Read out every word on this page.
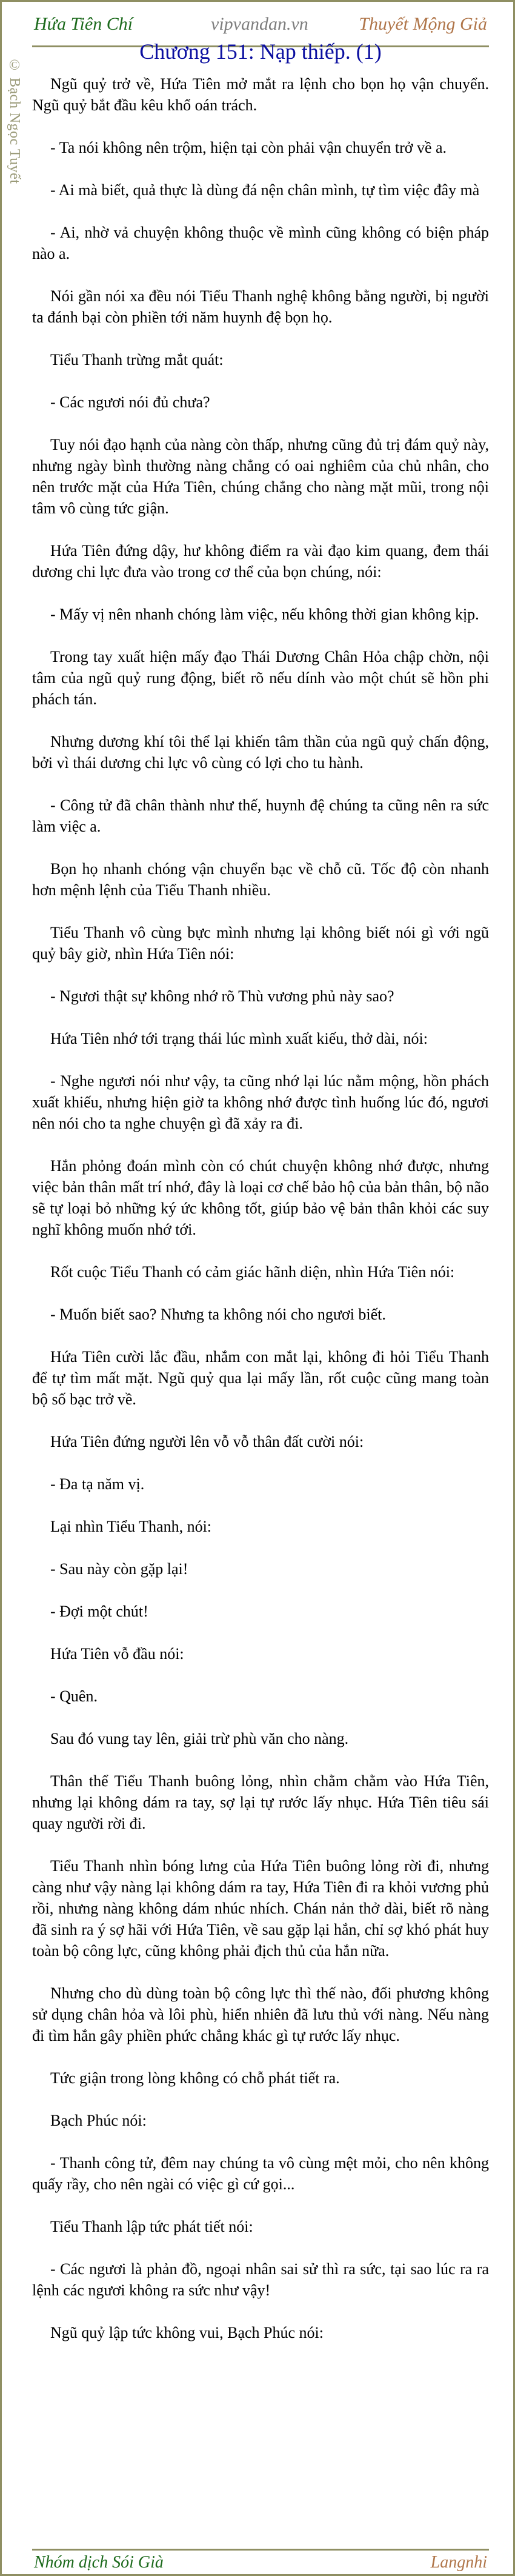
Hứa Tiên Chí	vipvandan.vn	Thuyết Mộng Giả
© Bạch Ngọc Tuyết
Chương 151: Nạp thiếp. (1)

Ngũ quỷ trở về, Hứa Tiên mở mắt ra lệnh cho bọn họ vận chuyển. Ngũ quỷ bắt đầu kêu khổ oán trách.

- Ta nói không nên trộm, hiện tại còn phải vận chuyển trở về a.

- Ai mà biết, quả thực là dùng đá nện chân mình, tự tìm việc đây mà

- Ai, nhờ vả chuyện không thuộc về mình cũng không có biện pháp nào a.

Nói gần nói xa đều nói Tiểu Thanh nghệ không bằng người, bị người ta đánh bại còn phiền tới năm huynh đệ bọn họ.

Tiểu Thanh trừng mắt quát:

- Các ngươi nói đủ chưa?

Tuy nói đạo hạnh của nàng còn thấp, nhưng cũng đủ trị đám quỷ này, nhưng ngày bình thường nàng chẳng có oai nghiêm của chủ nhân, cho nên trước mặt của Hứa Tiên, chúng chẳng cho nàng mặt mũi, trong nội tâm vô cùng tức giận.

Hứa Tiên đứng dậy, hư không điểm ra vài đạo kim quang, đem thái dương chi lực đưa vào trong cơ thể của bọn chúng, nói:

- Mấy vị nên nhanh chóng làm việc, nếu không thời gian không kịp.

Trong tay xuất hiện mấy đạo Thái Dương Chân Hỏa chập chờn, nội tâm của ngũ quỷ rung động, biết rõ nếu dính vào một chút sẽ hồn phi phách tán.

Nhưng dương khí tôi thể lại khiến tâm thần của ngũ quỷ chấn động, bởi vì thái dương chi lực vô cùng có lợi cho tu hành.

- Công tử đã chân thành như thế, huynh đệ chúng ta cũng nên ra sức làm việc a.

Bọn họ nhanh chóng vận chuyển bạc về chỗ cũ. Tốc độ còn nhanh hơn mệnh lệnh của Tiểu Thanh nhiều.

Tiểu Thanh vô cùng bực mình nhưng lại không biết nói gì với ngũ quỷ bây giờ, nhìn Hứa Tiên nói:

- Ngươi thật sự không nhớ rõ Thù vương phủ này sao?

Hứa Tiên nhớ tới trạng thái lúc mình xuất kiếu, thở dài, nói:

- Nghe ngươi nói như vậy, ta cũng nhớ lại lúc nằm mộng, hồn phách xuất khiếu, nhưng hiện giờ ta không nhớ được tình huống lúc đó, ngươi nên nói cho ta nghe chuyện gì đã xảy ra đi.

Hắn phỏng đoán mình còn có chút chuyện không nhớ được, nhưng việc bản thân mất trí nhớ, đây là loại cơ chế bảo hộ của bản thân, bộ não sẽ tự loại bỏ những ký ức không tốt, giúp bảo vệ bản thân khỏi các suy nghĩ không muốn nhớ tới.

Rốt cuộc Tiểu Thanh có cảm giác hãnh diện, nhìn Hứa Tiên nói:

- Muốn biết sao? Nhưng ta không nói cho ngươi biết.

Hứa Tiên cười lắc đầu, nhắm con mắt lại, không đi hỏi Tiểu Thanh để tự tìm mất mặt. Ngũ quỷ qua lại mấy lần, rốt cuộc cũng mang toàn bộ số bạc trở về.

Hứa Tiên đứng người lên vỗ vỗ thân đất cười nói:

- Đa tạ năm vị.

Lại nhìn Tiểu Thanh, nói:

- Sau này còn gặp lại!

- Đợi một chút!

Hứa Tiên vỗ đầu nói:

- Quên.

Sau đó vung tay lên, giải trừ phù văn cho nàng.

Thân thể Tiểu Thanh buông lỏng, nhìn chằm chằm vào Hứa Tiên, nhưng lại không dám ra tay, sợ lại tự rước lấy nhục. Hứa Tiên tiêu sái quay người rời đi.

Tiểu Thanh nhìn bóng lưng của Hứa Tiên buông lỏng rời đi, nhưng càng như vậy nàng lại không dám ra tay, Hứa Tiên đi ra khỏi vương phủ rồi, nhưng nàng không dám nhúc nhích. Chán nản thở dài, biết rõ nàng đã sinh ra ý sợ hãi với Hứa Tiên, về sau gặp lại hắn, chỉ sợ khó phát huy toàn bộ công lực, cũng không phải địch thủ của hắn nữa.

Nhưng cho dù dùng toàn bộ công lực thì thế nào, đối phương không sử dụng chân hỏa và lôi phù, hiển nhiên đã lưu thủ với nàng. Nếu nàng đi tìm hắn gây phiền phức chẳng khác gì tự rước lấy nhục.

Tức giận trong lòng không có chỗ phát tiết ra.

Bạch Phúc nói:

- Thanh công tử, đêm nay chúng ta vô cùng mệt mỏi, cho nên không quấy rầy, cho nên ngài có việc gì cứ gọi...

Tiểu Thanh lập tức phát tiết nói:

- Các ngươi là phản đồ, ngoại nhân sai sử thì ra sức, tại sao lúc ra ra lệnh các ngươi không ra sức như vậy!

Ngũ quỷ lập tức không vui, Bạch Phúc nói:

Nhóm dịch Sói Già	Langnhi
